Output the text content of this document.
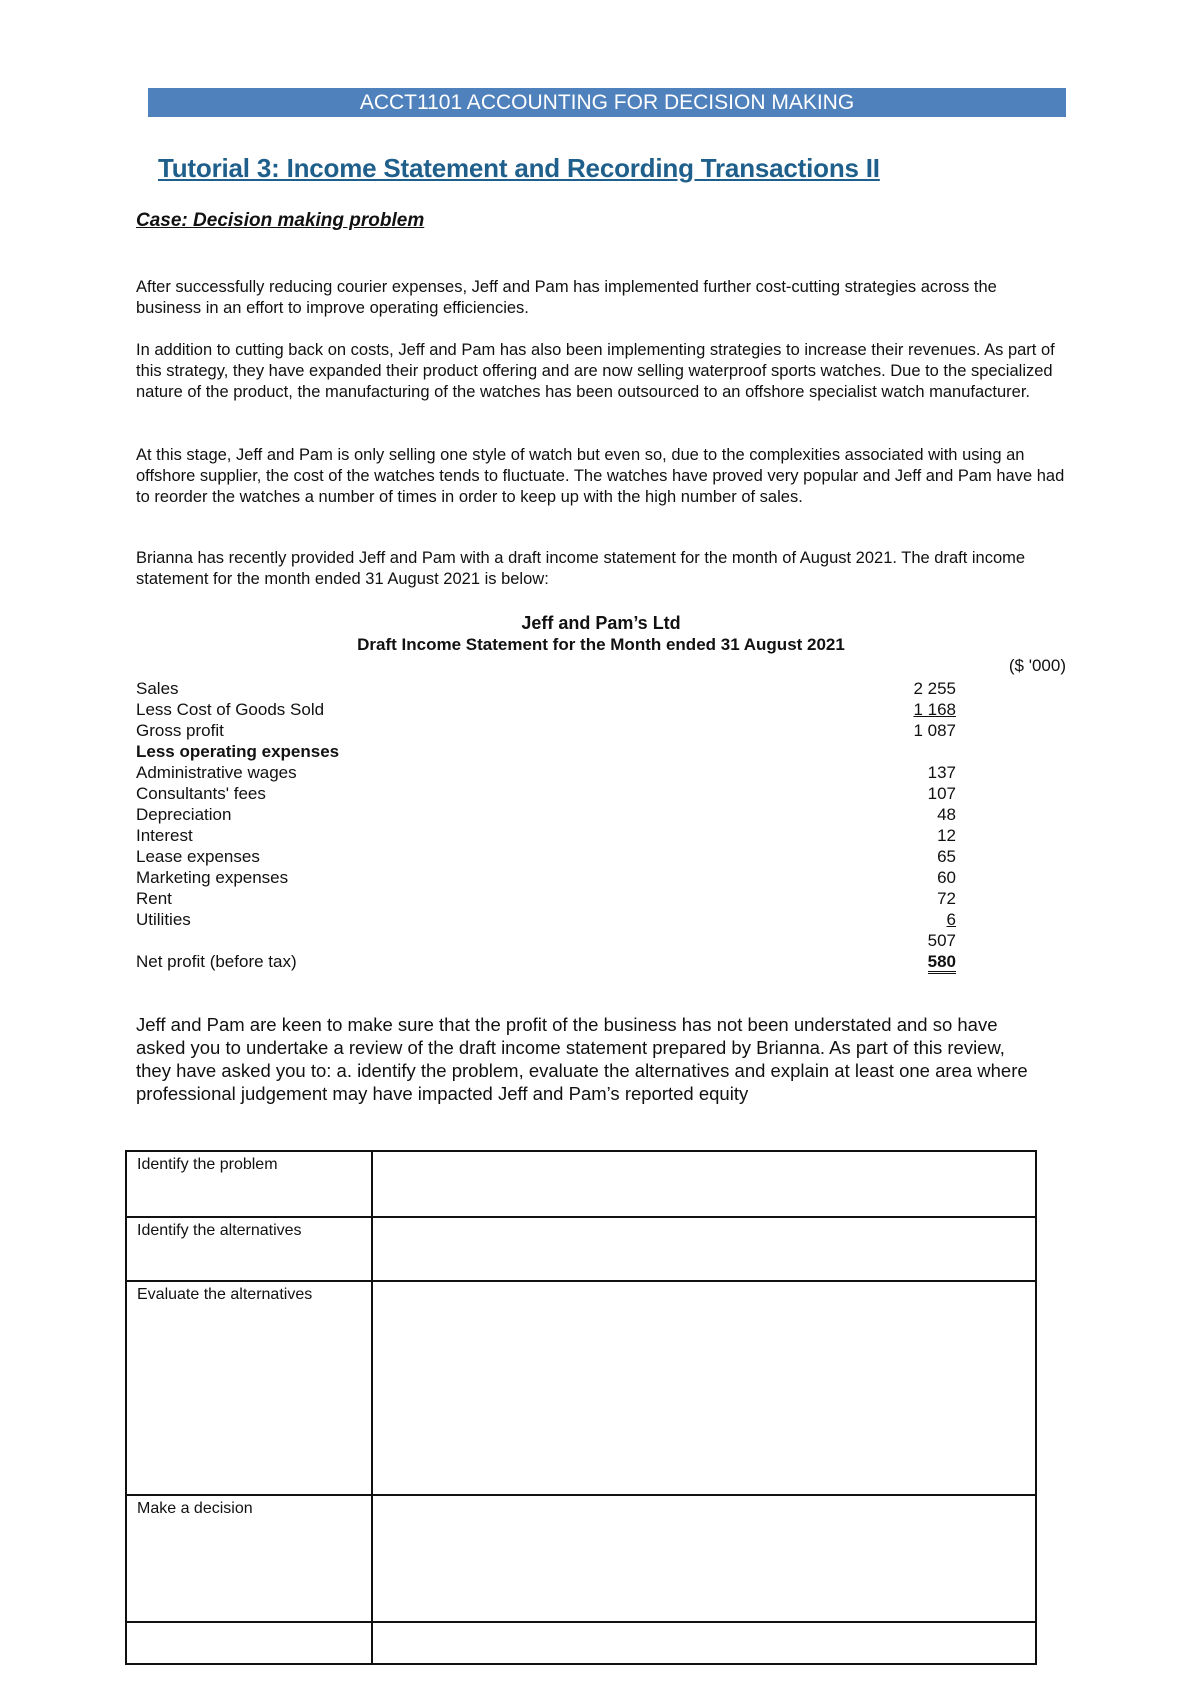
ACCT1101 ACCOUNTING FOR DECISION MAKING
Tutorial 3: Income Statement and Recording Transactions II
Case: Decision making problem
After successfully reducing courier expenses, Jeff and Pam has implemented further cost-cutting strategies across the business in an effort to improve operating efficiencies.
In addition to cutting back on costs, Jeff and Pam has also been implementing strategies to increase their revenues. As part of this strategy, they have expanded their product offering and are now selling waterproof sports watches. Due to the specialized nature of the product, the manufacturing of the watches has been outsourced to an offshore specialist watch manufacturer.
At this stage, Jeff and Pam is only selling one style of watch but even so, due to the complexities associated with using an offshore supplier, the cost of the watches tends to fluctuate. The watches have proved very popular and Jeff and Pam have had to reorder the watches a number of times in order to keep up with the high number of sales.
Brianna has recently provided Jeff and Pam with a draft income statement for the month of August 2021. The draft income statement for the month ended 31 August 2021 is below:
Jeff and Pam’s Ltd
Draft Income Statement for the Month ended 31 August 2021
($ '000)
Sales	2 255
Less Cost of Goods Sold	1 168
Gross profit	1 087
Less operating expenses
Administrative wages	137
Consultants' fees	107
Depreciation	48
Interest	12
Lease expenses	65
Marketing expenses	60
Rent	72
Utilities	6
507
Net profit (before tax)	580
Jeff and Pam are keen to make sure that the profit of the business has not been understated and so have asked you to undertake a review of the draft income statement prepared by Brianna. As part of this review, they have asked you to: a. identify the problem, evaluate the alternatives and explain at least one area where professional judgement may have impacted Jeff and Pam’s reported equity
Identify the problem	
Identify the alternatives	
Evaluate the alternatives	
Make a decision	
